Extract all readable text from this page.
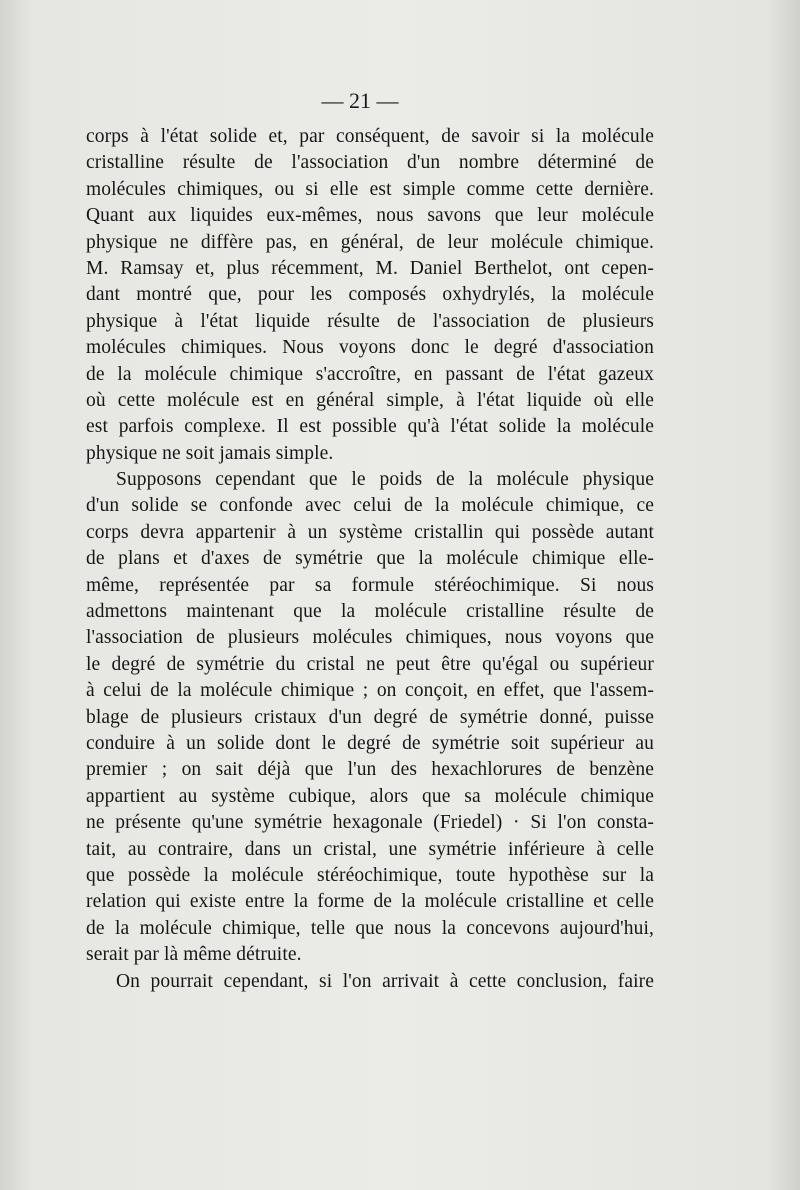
— 21 —
corps à l'état solide et, par conséquent, de savoir si la molécule
cristalline résulte de l'association d'un nombre déterminé de
molécules chimiques, ou si elle est simple comme cette dernière.
Quant aux liquides eux-mêmes, nous savons que leur molécule
physique ne diffère pas, en général, de leur molécule chimique.
M. Ramsay et, plus récemment, M. Daniel Berthelot, ont cepen-
dant montré que, pour les composés oxhydrylés, la molécule
physique à l'état liquide résulte de l'association de plusieurs
molécules chimiques. Nous voyons donc le degré d'association
de la molécule chimique s'accroître, en passant de l'état gazeux
où cette molécule est en général simple, à l'état liquide où elle
est parfois complexe. Il est possible qu'à l'état solide la molécule
physique ne soit jamais simple.
Supposons cependant que le poids de la molécule physique
d'un solide se confonde avec celui de la molécule chimique, ce
corps devra appartenir à un système cristallin qui possède autant
de plans et d'axes de symétrie que la molécule chimique elle-
même, représentée par sa formule stéréochimique. Si nous
admettons maintenant que la molécule cristalline résulte de
l'association de plusieurs molécules chimiques, nous voyons que
le degré de symétrie du cristal ne peut être qu'égal ou supérieur
à celui de la molécule chimique ; on conçoit, en effet, que l'assem-
blage de plusieurs cristaux d'un degré de symétrie donné, puisse
conduire à un solide dont le degré de symétrie soit supérieur au
premier ; on sait déjà que l'un des hexachlorures de benzène
appartient au système cubique, alors que sa molécule chimique
ne présente qu'une symétrie hexagonale (Friedel) · Si l'on consta-
tait, au contraire, dans un cristal, une symétrie inférieure à celle
que possède la molécule stéréochimique, toute hypothèse sur la
relation qui existe entre la forme de la molécule cristalline et celle
de la molécule chimique, telle que nous la concevons aujourd'hui,
serait par là même détruite.
On pourrait cependant, si l'on arrivait à cette conclusion, faire
